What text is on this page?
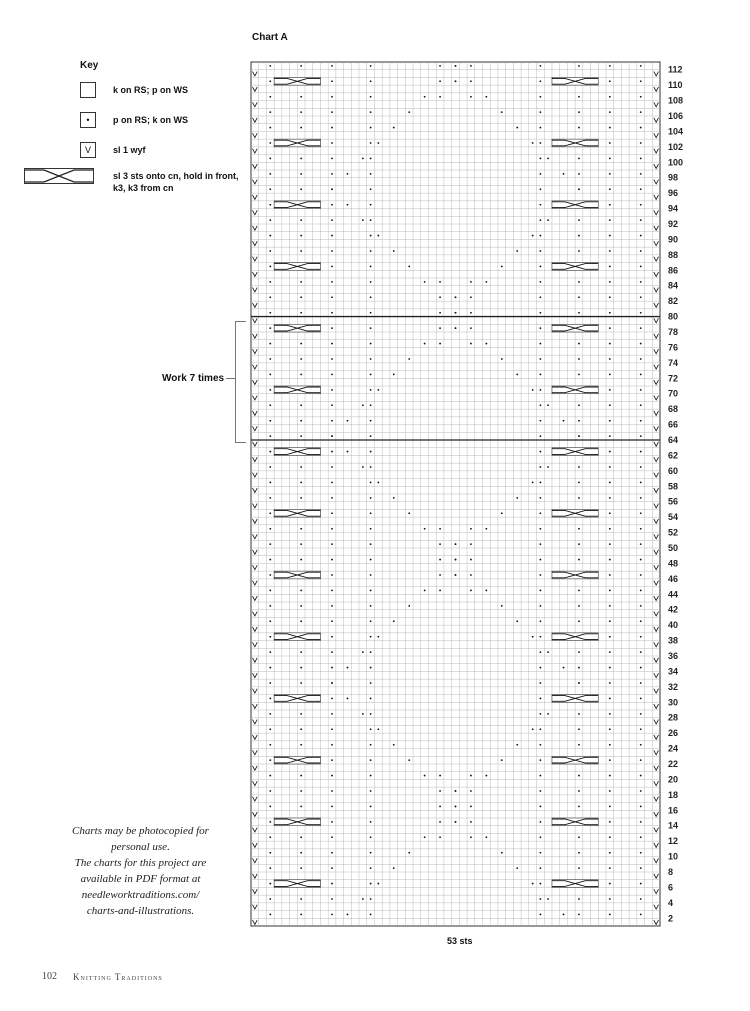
Chart A
Key
k on RS; p on WS
•	p on RS; k on WS
V	sl 1 wyf
sl 3 sts onto cn, hold in front,
k3, k3 from cn
112
110
108
106
104
102
100
98
96
94
92
90
88
86
84
82
80
78
76
74
72
70
68
66
64
62
60
58
56
54
52
50
48
46
44
42
40
38
36
34
32
30
28
26
24
22
20
18
16
14
12
10
8
6
4
2
Work 7 times
53 sts
Charts may be photocopied for
personal use.
The charts for this project are
available in PDF format at
needleworktraditions.com/
charts-and-illustrations.
102 Knitting Traditions
